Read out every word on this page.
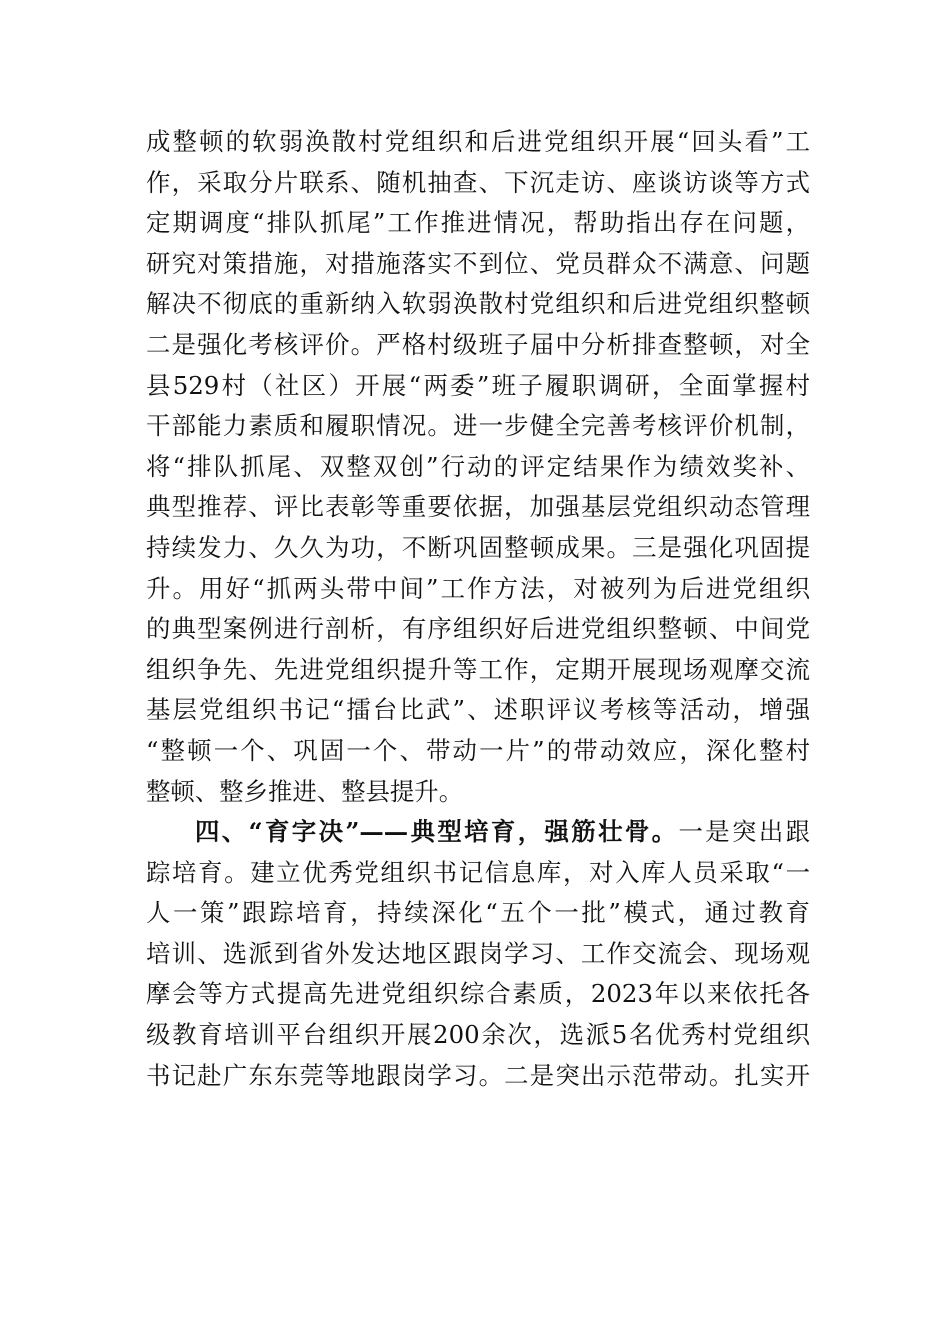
成整顿的软弱涣散村党组织和后进党组织开展“回头看”工
作，采取分片联系、随机抽查、下沉走访、座谈访谈等方式
定期调度“排队抓尾”工作推进情况，帮助指出存在问题，
研究对策措施，对措施落实不到位、党员群众不满意、问题
解决不彻底的重新纳入软弱涣散村党组织和后进党组织整顿
二是强化考核评价。严格村级班子届中分析排查整顿，对全
县529村（社区）开展“两委”班子履职调研，全面掌握村
干部能力素质和履职情况。进一步健全完善考核评价机制，
将“排队抓尾、双整双创”行动的评定结果作为绩效奖补、
典型推荐、评比表彰等重要依据，加强基层党组织动态管理
持续发力、久久为功，不断巩固整顿成果。三是强化巩固提
升。用好“抓两头带中间”工作方法，对被列为后进党组织
的典型案例进行剖析，有序组织好后进党组织整顿、中间党
组织争先、先进党组织提升等工作，定期开展现场观摩交流
基层党组织书记“擂台比武”、述职评议考核等活动，增强
“整顿一个、巩固一个、带动一片”的带动效应，深化整村
整顿、整乡推进、整县提升。
四、“育字决”——典型培育，强筋壮骨。一是突出跟
踪培育。建立优秀党组织书记信息库，对入库人员采取“一
人一策”跟踪培育，持续深化“五个一批”模式，通过教育
培训、选派到省外发达地区跟岗学习、工作交流会、现场观
摩会等方式提高先进党组织综合素质，2023年以来依托各
级教育培训平台组织开展200余次，选派5名优秀村党组织
书记赴广东东莞等地跟岗学习。二是突出示范带动。扎实开
